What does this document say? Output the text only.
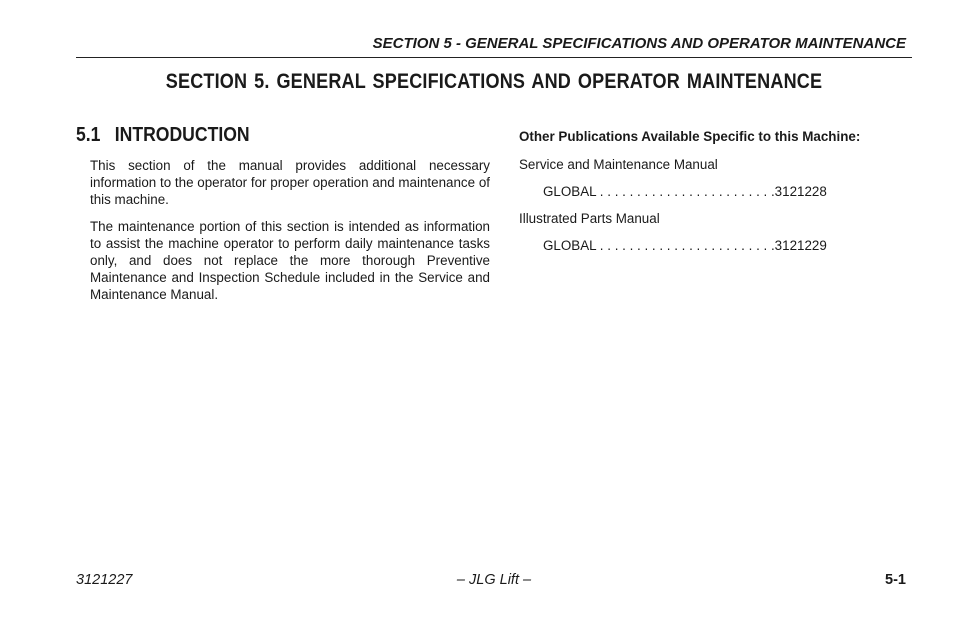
SECTION 5 - GENERAL SPECIFICATIONS AND OPERATOR MAINTENANCE
SECTION 5. GENERAL SPECIFICATIONS AND OPERATOR MAINTENANCE
5.1 INTRODUCTION

This section of the manual provides additional necessary information to the operator for proper operation and maintenance of this machine.

The maintenance portion of this section is intended as information to assist the machine operator to perform daily maintenance tasks only, and does not replace the more thorough Preventive Maintenance and Inspection Schedule included in the Service and Maintenance Manual.

Other Publications Available Specific to this Machine:
Service and Maintenance Manual
GLOBAL . . . . . . . . . . . . . . . . . . . . . . . .3121228
Illustrated Parts Manual
GLOBAL . . . . . . . . . . . . . . . . . . . . . . . .3121229
3121227	– JLG Lift –	5-1
